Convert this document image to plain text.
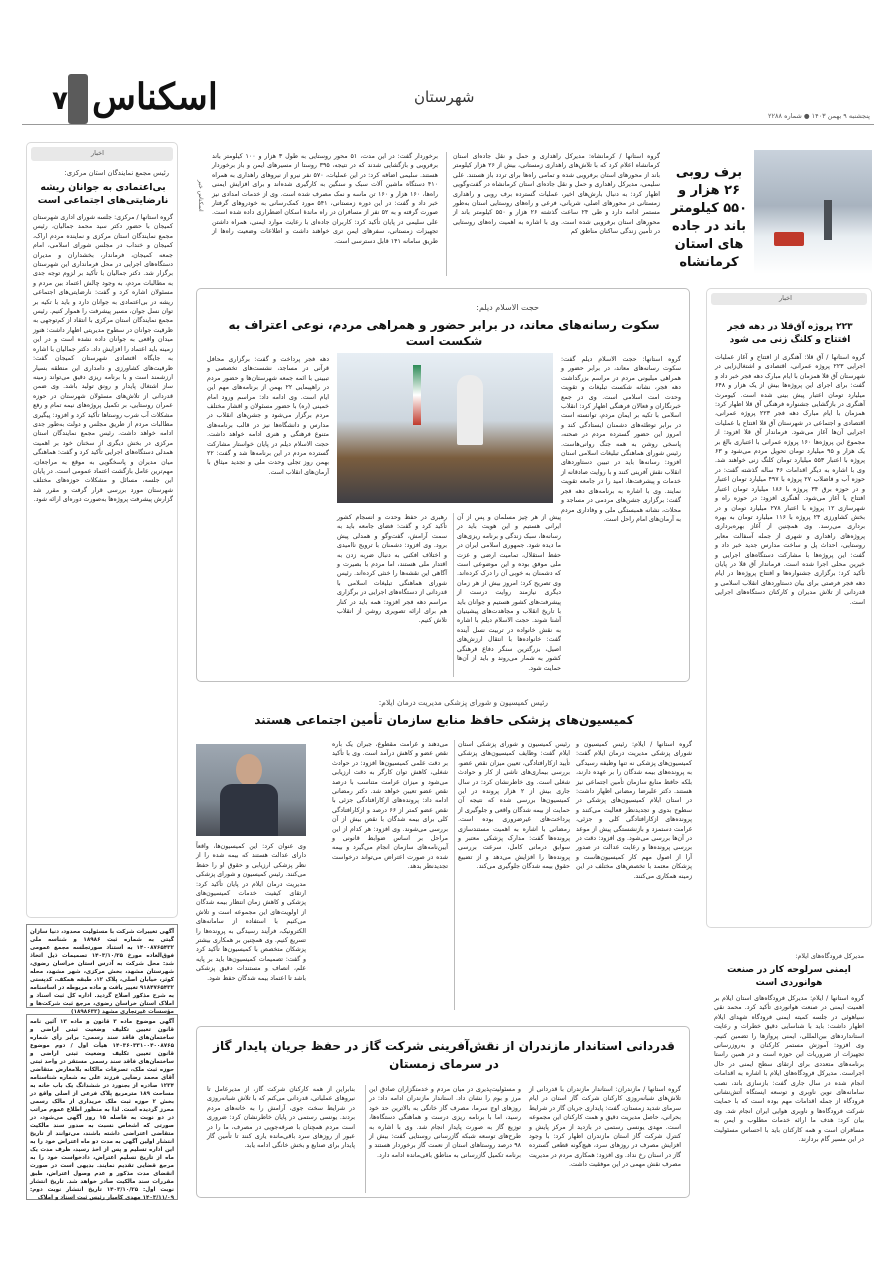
۷ اسکناس	شهرستان
پنجشنبه ۹ بهمن ۱۴۰۳ ● شماره ۲۲۸۸
برف روبی ۲۶ هزار و ۵۵۰ کیلومتر باند در جاده های استان کرمانشاه
گروه استانها / کرمانشاه: مدیرکل راهداری و حمل و نقل جاده‌ای استان کرمانشاه اعلام کرد که با تلاش‌های راهداری زمستانی، بیش از ۲۶ هزار کیلومتر باند از محورهای استان برفروبی شده و تمامی راه‌ها برای تردد باز هستند. علی سلیمی، مدیرکل راهداری و حمل و نقل جاده‌ای استان کرمانشاه در گفت‌وگویی اظهار کرد: به دنبال بارش‌های اخیر، عملیات گسترده برف روبی و راهداری زمستانی در محورهای اصلی، شریانی، فرعی و راه‌های روستایی استان به‌طور مستمر ادامه دارد و طی ۲۴ ساعت گذشته ۲۶ هزار و ۵۵۰ کیلومتر باند از محورهای استان برفروبی شده است. وی با اشاره به اهمیت راه‌های روستایی در تأمین زندگی ساکنان مناطق کم
برخوردار گفت: در این مدت، ۵۱ محور روستایی به طول ۳ هزار و ۱۰۰ کیلومتر باند برفروبی و بازگشایی شدند که در نتیجه، ۳۹۵ روستا از مسیرهای ایمن و باز برخوردار هستند. سلیمی اضافه کرد: در این عملیات، ۵۷۰ نفر نیرو از نیروهای راهداری به همراه ۴۱۰ دستگاه ماشین آلات سبک و سنگین به کارگیری شده‌اند و برای افزایش ایمنی راه‌ها، ۱۶۰ هزار و ۱۶۰ تن ماسه و نمک مصرف شده است. وی از خدمات امدادی نیز خبر داد و گفت: در این دوره زمستانی، ۵۴۱ مورد کمک‌رسانی به خودروهای گرفتار صورت گرفته و به ۵۲ نفر از مسافران در راه ماندۀ اسکان اضطراری داده شده است. علی سلیمی در پایان تأکید کرد: کاربران جاده‌ای با رعایت موارد ایمنی، همراه داشتن تجهیزات زمستانی، سفرهای ایمن تری خواهند داشت و اطلاعات وضعیت راه‌ها از طریق سامانه ۱۴۱ قابل دسترسی است.
اسکناس خبر
اخبار
رئیس مجمع نمایندگان استان مرکزی:
بی‌اعتمادی به جوانان ریشه نارضایتی‌های اجتماعی است
گروه استانها / مرکزی: جلسه شورای اداری شهرستان کمیجان با حضور دکتر سید محمد جمالیان، رئیس مجمع نمایندگان استان مرکزی و نماینده مردم اراک، کمیجان و خنداب در مجلس شورای اسلامی، امام جمعه کمیجان، فرماندار، بخشداران و مدیران دستگاه‌های اجرایی در محل فرمانداری این شهرستان برگزار شد. دکتر جمالیان با تأکید بر لزوم توجه جدی به مطالبات مردم، به وجود چالش اعتماد بین مردم و مسئولان اشاره کرد و گفت: نارضایتی‌های اجتماعی ریشه در بی‌اعتمادی به جوانان دارد و باید با تکیه بر توان نسل جوان، مسیر پیشرفت را هموار کنیم. رئیس مجمع نمایندگان استان مرکزی با انتقاد از کم‌توجهی به ظرفیت جوانان در سطوح مدیریتی اظهار داشت: هنوز میدان واقعی به جوانان داده نشده است و در این زمینه باید اعتماد را افزایش داد. دکتر جمالیان با اشاره به جایگاه اقتصادی شهرستان کمیجان گفت: ظرفیت‌های کشاورزی و دامداری این منطقه بسیار ارزشمند است و با برنامه ریزی دقیق می‌تواند زمینه ساز اشتغال پایدار و رونق تولید باشد. وی ضمن قدردانی از تلاش‌های مسئولان شهرستان در حوزه عمران روستایی، بر تکمیل پروژه‌های نیمه تمام و رفع مشکلات آب شرب روستاها تأکید کرد و افزود: پیگیری مطالبات مردم از طریق مجلس و دولت به‌طور جدی ادامه خواهد داشت. رئیس مجمع نمایندگان استان مرکزی در بخش دیگری از سخنان خود بر اهمیت همدلی دستگاه‌های اجرایی تأکید کرد و گفت: هماهنگی میان مدیران و پاسخگویی به موقع به مراجعان، مهم‌ترین عامل بازگشت اعتماد عمومی است. در پایان این جلسه، مسائل و مشکلات حوزه‌های مختلف شهرستان مورد بررسی قرار گرفت و مقرر شد گزارش پیشرفت پروژه‌ها به‌صورت دوره‌ای ارائه شود.
آگهی تغییرات شرکت با مسئولیت محدود، دنیا سازان گیتی به شماره ثبت ۱۸۹۸۶ و شناسه ملی ۱۴۰۰۸۷۶۵۴۳۲ به استناد صورتجلسه مجمع عمومی فوق‌العاده مورخ ۱۴۰۳/۱۰/۲۵ تصمیمات ذیل اتخاذ شد: محل شرکت به آدرس استان خراسان رضوی، شهرستان مشهد، بخش مرکزی، شهر مشهد، محله کوثر، خیابان اصلی، پلاک ۱۲، طبقه همکف، کدپستی ۹۱۸۴۷۶۵۴۳۲ تغییر یافت و ماده مربوطه در اساسنامه به شرح مذکور اصلاح گردید. اداره کل ثبت اسناد و املاک استان خراسان رضوی، مرجع ثبت شرکت‌ها و مؤسسات غیرتجاری مشهد (۱۸۹۸۶۳۲)
آگهی موضوع ماده ۳ قانون و ماده ۱۳ آئین نامه قانون تعیین تکلیف وضعیت ثبتی اراضی و ساختمان‌های فاقد سند رسمی: برابر رأی شماره ۱۴۰۳۶۰۳۳۱۰۰۴۰۰۸۷۶۵ هیأت اول / دوم موضوع قانون تعیین تکلیف وضعیت ثبتی اراضی و ساختمان‌های فاقد سند رسمی مستقر در واحد ثبتی حوزه ثبت ملک، تصرفات مالکانه بلامعارض متقاضی آقای محمد رضایی فرزند علی به شماره شناسنامه ۱۲۳۴ صادره از بجنورد در ششدانگ یک باب خانه به مساحت ۱۸۹ مترمربع پلاک فرعی از اصلی واقع در بخش ۲ حوزه ثبت ملک خریداری از مالک رسمی محرز گردیده است. لذا به منظور اطلاع عموم مراتب در دو نوبت به فاصله ۱۵ روز آگهی می‌شود، در صورتی که اشخاص نسبت به صدور سند مالکیت متقاضی اعتراضی داشته باشند، می‌توانند از تاریخ انتشار اولین آگهی به مدت دو ماه اعتراض خود را به این اداره تسلیم و پس از اخذ رسید، ظرف مدت یک ماه از تاریخ تسلیم اعتراض، دادخواست خود را به مرجع قضایی تقدیم نمایند. بدیهی است در صورت انقضای مدت مذکور و عدم وصول اعتراض، طبق مقررات سند مالکیت صادر خواهد شد. تاریخ انتشار نوبت اول: ۱۴۰۳/۱۰/۲۵ تاریخ انتشار نوبت دوم: ۱۴۰۳/۱۱/۰۹ مهدی کامیار رئیس ثبت اسناد و املاک
اخبار
۲۲۳ پروژه آق‌قلا در دهه فجر افتتاح و کلنگ زنی می شود
گروه استانها / آق قلا: آهنگری از افتتاح و آغاز عملیات اجرایی ۲۲۳ پروژه عمرانی، اقتصادی و اشتغال‌زایی در شهرستان آق قلا همزمان با ایام مبارک دهه فجر خبر داد و گفت: برای اجرای این پروژه‌ها بیش از یک هزار و ۶۴۸ میلیارد تومان اعتبار پیش بینی شده است. کیومرث آهنگری در بازگشایی جشنواره فرهنگی آق قلا اظهار کرد: همزمان با ایام مبارک دهه فجر ۲۲۳ پروژه عمرانی، اقتصادی و اجتماعی در شهرستان آق قلا افتتاح یا عملیات اجرایی آن‌ها آغاز می‌شود. فرماندار آق قلا افزود: از مجموع این پروژه‌ها ۱۶۰ پروژه عمرانی با اعتباری بالغ بر یک هزار و ۹۵ میلیارد تومان تحویل مردم می‌شود و ۶۳ پروژه با اعتبار ۵۵۳ میلیارد تومان کلنگ زنی خواهند شد. وی با اشاره به دیگر اقدامات ۴۶ ساله گذشته گفت: در حوزه آب و فاضلاب ۲۷ پروژه با ۴۹۷ میلیارد تومان اعتبار و در حوزه برق ۳۴ پروژه با ۱۸۶ میلیارد تومان اعتبار افتتاح یا آغاز می‌شود. آهنگری افزود: در حوزه راه و شهرسازی ۱۲ پروژه با اعتبار ۲۷۸ میلیارد تومان و در بخش کشاورزی ۲۴ پروژه با ۱۱۶ میلیارد تومان به بهره برداری می‌رسد. وی همچنین از آغاز بهره‌برداری پروژه‌های راهداری و شهری از جمله آسفالت معابر روستایی، احداث پل و ساخت مدارس جدید خبر داد و گفت: این پروژه‌ها با مشارکت دستگاه‌های اجرایی و خیرین محلی اجرا شده است. فرماندار آق قلا در پایان تأکید کرد: برگزاری جشنواره‌ها و افتتاح پروژه‌ها در ایام دهه فجر فرصتی برای بیان دستاوردهای انقلاب اسلامی و قدردانی از تلاش مدیران و کارکنان دستگاه‌های اجرایی است.
مدیرکل فرودگاه‌های ایلام:
ایمنی سرلوحه کار در صنعت هوانوردی است
گروه استانها / ایلام: مدیرکل فرودگاه‌های استان ایلام بر اهمیت ایمنی در صنعت هوانوردی تأکید کرد. محمد نقی سیاهوئی در جلسه کمیته ایمنی فرودگاه شهدای ایلام اظهار داشت: باید با شناسایی دقیق خطرات و رعایت استانداردهای بین‌المللی، ایمنی پروازها را تضمین کنیم. وی افزود: آموزش مستمر کارکنان و به‌روزرسانی تجهیزات از ضروریات این حوزه است و در همین راستا برنامه‌های متعددی برای ارتقای سطح ایمنی در حال اجراست. مدیرکل فرودگاه‌های ایلام با اشاره به اقدامات انجام شده در سال جاری گفت: بازسازی باند، نصب سامانه‌های نوین ناوبری و توسعه ایستگاه آتش‌نشانی فرودگاه از جمله اقدامات مهم بوده است که با حمایت شرکت فرودگاه‌ها و ناوبری هوایی ایران انجام شد. وی بیان کرد: هدف ما ارائه خدمات مطلوب و ایمن به مسافران است و همه کارکنان باید با احساس مسئولیت در این مسیر گام بردارند.
حجت الاسلام دیلم:
سکوت رسانه‌های معاند، در برابر حضور و همراهی مردم، نوعی اعتراف به شکست است
گروه استانها: حجت الاسلام دیلم گفت: سکوت رسانه‌های معاند، در برابر حضور و همراهی میلیونی مردم در مراسم بزرگداشت دهه فجر، نشانه شکست تبلیغات و تقویت وحدت امت اسلامی است. وی در جمع خبرنگاران و فعالان فرهنگی اظهار کرد: انقلاب اسلامی با تکیه بر ایمان مردم، توانسته است در برابر توطئه‌های دشمنان ایستادگی کند و امروز این حضور گسترده مردم در صحنه، پاسخی روشن به همه جنگ روانی‌هاست. رئیس شورای هماهنگی تبلیغات اسلامی استان افزود: رسانه‌ها باید در تبیین دستاوردهای انقلاب نقش آفرینی کنند و با روایت صادقانه از خدمات و پیشرفت‌ها، امید را در جامعه تقویت نمایند. وی با اشاره به برنامه‌های دهه فجر گفت: برگزاری جشن‌های مردمی در مساجد و محلات، نشانه همبستگی ملی و وفاداری مردم به آرمان‌های امام راحل است.
پیش از هر چیز مسلمان و پس از آن ایرانی هستیم و این هویت باید در رسانه‌ها، سبک زندگی و برنامه ریزی‌های ما دیده شود. جمهوری اسلامی ایران در حفظ استقلال، تمامیت ارضی و عزت ملی موفق بوده و این موضوعی است که دشمنان به خوبی آن را درک کرده‌اند. وی تصریح کرد: امروز بیش از هر زمان دیگری نیازمند روایت درست از پیشرفت‌های کشور هستیم و جوانان باید با تاریخ انقلاب و مجاهدت‌های پیشینیان آشنا شوند. حجت الاسلام دیلم با اشاره به نقش خانواده در تربیت نسل آینده گفت: خانواده‌ها با انتقال ارزش‌های اصیل، بزرگترین سنگر دفاع فرهنگی کشور به شمار می‌روند و باید از آن‌ها حمایت شود.
رهبری در حفظ وحدت و انسجام کشور تأکید کرد و گفت: فضای جامعه باید به سمت آرامش، گفت‌وگو و همدلی پیش برود. وی افزود: دشمنان با ترویج ناامیدی و اختلاف افکنی به دنبال ضربه زدن به اقتدار ملی هستند، اما مردم با بصیرت و آگاهی این نقشه‌ها را خنثی کرده‌اند. رئیس شورای هماهنگی تبلیغات اسلامی با قدردانی از دستگاه‌های اجرایی در برگزاری مراسم دهه فجر افزود: همه باید در کنار هم برای ارائه تصویری روشن از انقلاب تلاش کنیم.
دهه فجر پرداخت و گفت: برگزاری محافل قرآنی در مساجد، نشست‌های تخصصی و تبیینی با ائمه جمعه شهرستان‌ها و حضور مردم در راهپیمایی ۲۲ بهمن از برنامه‌های مهم این ایام است. وی ادامه داد: مراسم ورود امام خمینی (ره) با حضور مسئولان و اقشار مختلف مردم برگزار می‌شود و جشن‌های انقلاب در مدارس و دانشگاه‌ها نیز در قالب برنامه‌های متنوع فرهنگی و هنری ادامه خواهد داشت. حجت الاسلام دیلم در پایان خواستار مشارکت گسترده مردم در این برنامه‌ها شد و گفت: ۲۲ بهمن روز تجلی وحدت ملی و تجدید میثاق با آرمان‌های انقلاب است.
رئیس کمیسیون و شورای پزشکی مدیریت درمان ایلام:
کمیسیون‌های پزشکی حافظ منابع سازمان تأمین اجتماعی هستند
گروه استانها / ایلام: رئیس کمیسیون و شورای پزشکی مدیریت درمان ایلام گفت: کمیسیون‌های پزشکی نه تنها وظیفه رسیدگی به پرونده‌های بیمه شدگان را بر عهده دارند، بلکه حافظ منابع سازمان تأمین اجتماعی نیز هستند. دکتر علیرضا رمضانی اظهار داشت: در استان ایلام کمیسیون‌های پزشکی در سطوح بدوی و تجدیدنظر فعالیت می‌کنند و پرونده‌های ازکارافتادگی کلی و جزئی، غرامت دستمزد و بازنشستگی پیش از موعد در آن‌ها بررسی می‌شود. وی افزود: دقت در بررسی پرونده‌ها و رعایت عدالت در صدور آرا از اصول مهم کار کمیسیون‌هاست و پزشکان معتمد با تخصص‌های مختلف در این زمینه همکاری می‌کنند.
رئیس کمیسیون و شورای پزشکی استان ایلام گفت: وظایف کمیسیون‌های پزشکی تأیید ازکارافتادگی، تعیین میزان نقص عضو، بررسی بیماری‌های ناشی از کار و حوادث شغلی است. وی خاطرنشان کرد: در سال جاری بیش از ۲ هزار پرونده در این کمیسیون‌ها بررسی شده که نتیجه آن حمایت از بیمه شدگان واقعی و جلوگیری از پرداخت‌های غیرضروری بوده است. رمضانی با اشاره به اهمیت مستندسازی پرونده‌ها گفت: مدارک پزشکی معتبر و سوابق درمانی کامل، سرعت بررسی پرونده‌ها را افزایش می‌دهد و از تضییع حقوق بیمه شدگان جلوگیری می‌کند.
می‌دهند و غرامت مقطوع، جبران یک باره نقص عضو و کاهش درآمد است. وی با تأکید بر دقت علمی کمیسیون‌ها افزود: در حوادث شغلی، کاهش توان کارگر به دقت ارزیابی می‌شود و میزان غرامت متناسب با درصد نقص عضو تعیین خواهد شد. دکتر رمضانی ادامه داد: پرونده‌های ازکارافتادگی جزئی با نقص عضو کمتر از ۶۶ درصد و ازکارافتادگی کلی برای بیمه شدگان با نقص بیش از آن بررسی می‌شوند. وی افزود: هر کدام از این مراحل بر اساس ضوابط قانونی و آیین‌نامه‌های سازمان انجام می‌گیرد و بیمه شده در صورت اعتراض می‌تواند درخواست تجدیدنظر بدهد.
وی عنوان کرد: این کمیسیون‌ها، واقعاً دارای عدالت هستند که بیمه شده را از نظر پزشکی ارزیابی و حقوق او را حفظ می‌کنند. رئیس کمیسیون و شورای پزشکی مدیریت درمان ایلام در پایان تأکید کرد: ارتقای کیفیت خدمات کمیسیون‌های پزشکی و کاهش زمان انتظار بیمه شدگان از اولویت‌های این مجموعه است و تلاش می‌کنیم با استفاده از سامانه‌های الکترونیک، فرآیند رسیدگی به پرونده‌ها را تسریع کنیم. وی همچنین بر همکاری بیشتر پزشکان متخصص با کمیسیون‌ها تأکید کرد و گفت: تصمیمات کمیسیون‌ها باید بر پایه علم، انصاف و مستندات دقیق پزشکی باشد تا اعتماد بیمه شدگان حفظ شود.
قدردانی استاندار مازندران از نقش‌آفرینی شرکت گاز در حفظ جریان پایدار گاز در سرمای زمستان
گروه استانها / مازندران: استاندار مازندران با قدردانی از تلاش‌های شبانه‌روزی کارکنان شرکت گاز استان در ایام سرمای شدید زمستان، گفت: پایداری جریان گاز در شرایط بحرانی، حاصل مدیریت دقیق و همت کارکنان این مجموعه است. مهدی یونسی رستمی در بازدید از مرکز پایش و کنترل شرکت گاز استان مازندران اظهار کرد: با وجود افزایش مصرف در روزهای سرد، هیچ‌گونه قطعی گسترده گاز در استان رخ نداد. وی افزود: همکاری مردم در مدیریت مصرف نقش مهمی در این موفقیت داشت.
و مسئولیت‌پذیری در میان مردم و خدمتگزاران صادق این مرز و بوم را نشان داد. استاندار مازندران ادامه داد: در روزهای اوج سرما، مصرف گاز خانگی به بالاترین حد خود رسید، اما با برنامه ریزی درست و هماهنگی دستگاه‌ها، توزیع گاز به صورت پایدار انجام شد. وی با اشاره به طرح‌های توسعه شبکه گازرسانی روستایی گفت: بیش از ۹۸ درصد روستاهای استان از نعمت گاز برخوردار هستند و برنامه تکمیل گازرسانی به مناطق باقی‌مانده ادامه دارد.
بنابراین از همه کارکنان شرکت گاز، از مدیرعامل تا نیروهای عملیاتی، قدردانی می‌کنم که با تلاش شبانه‌روزی در شرایط سخت جوی، آرامش را به خانه‌های مردم بردند. یونسی رستمی در پایان خاطرنشان کرد: ضروری است مردم همچنان با صرفه‌جویی در مصرف، ما را در عبور از روزهای سرد باقی‌مانده یاری کنند تا تأمین گاز پایدار برای صنایع و بخش خانگی ادامه یابد.
